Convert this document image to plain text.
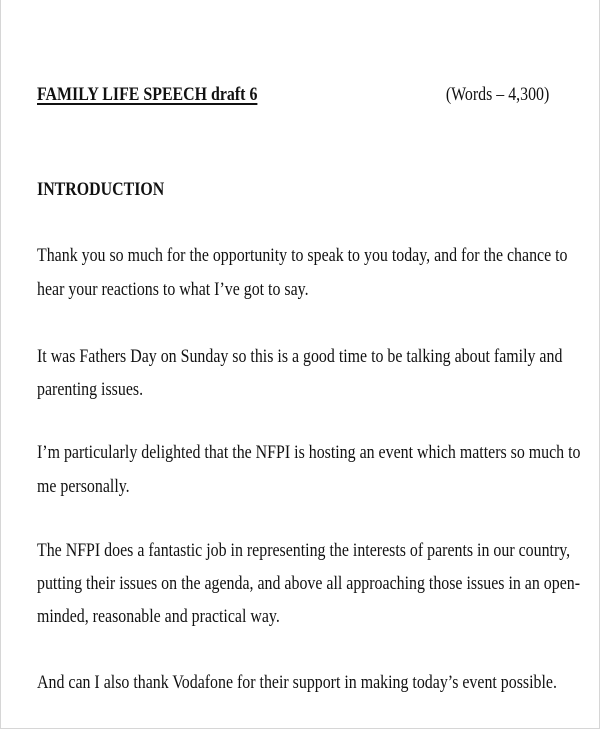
FAMILY LIFE SPEECH draft 6	(Words – 4,300)
INTRODUCTION
Thank you so much for the opportunity to speak to you today, and for the chance to
hear your reactions to what I’ve got to say.
It was Fathers Day on Sunday so this is a good time to be talking about family and
parenting issues.
I’m particularly delighted that the NFPI is hosting an event which matters so much to
me personally.
The NFPI does a fantastic job in representing the interests of parents in our country,
putting their issues on the agenda, and above all approaching those issues in an open-
minded, reasonable and practical way.
And can I also thank Vodafone for their support in making today’s event possible.
